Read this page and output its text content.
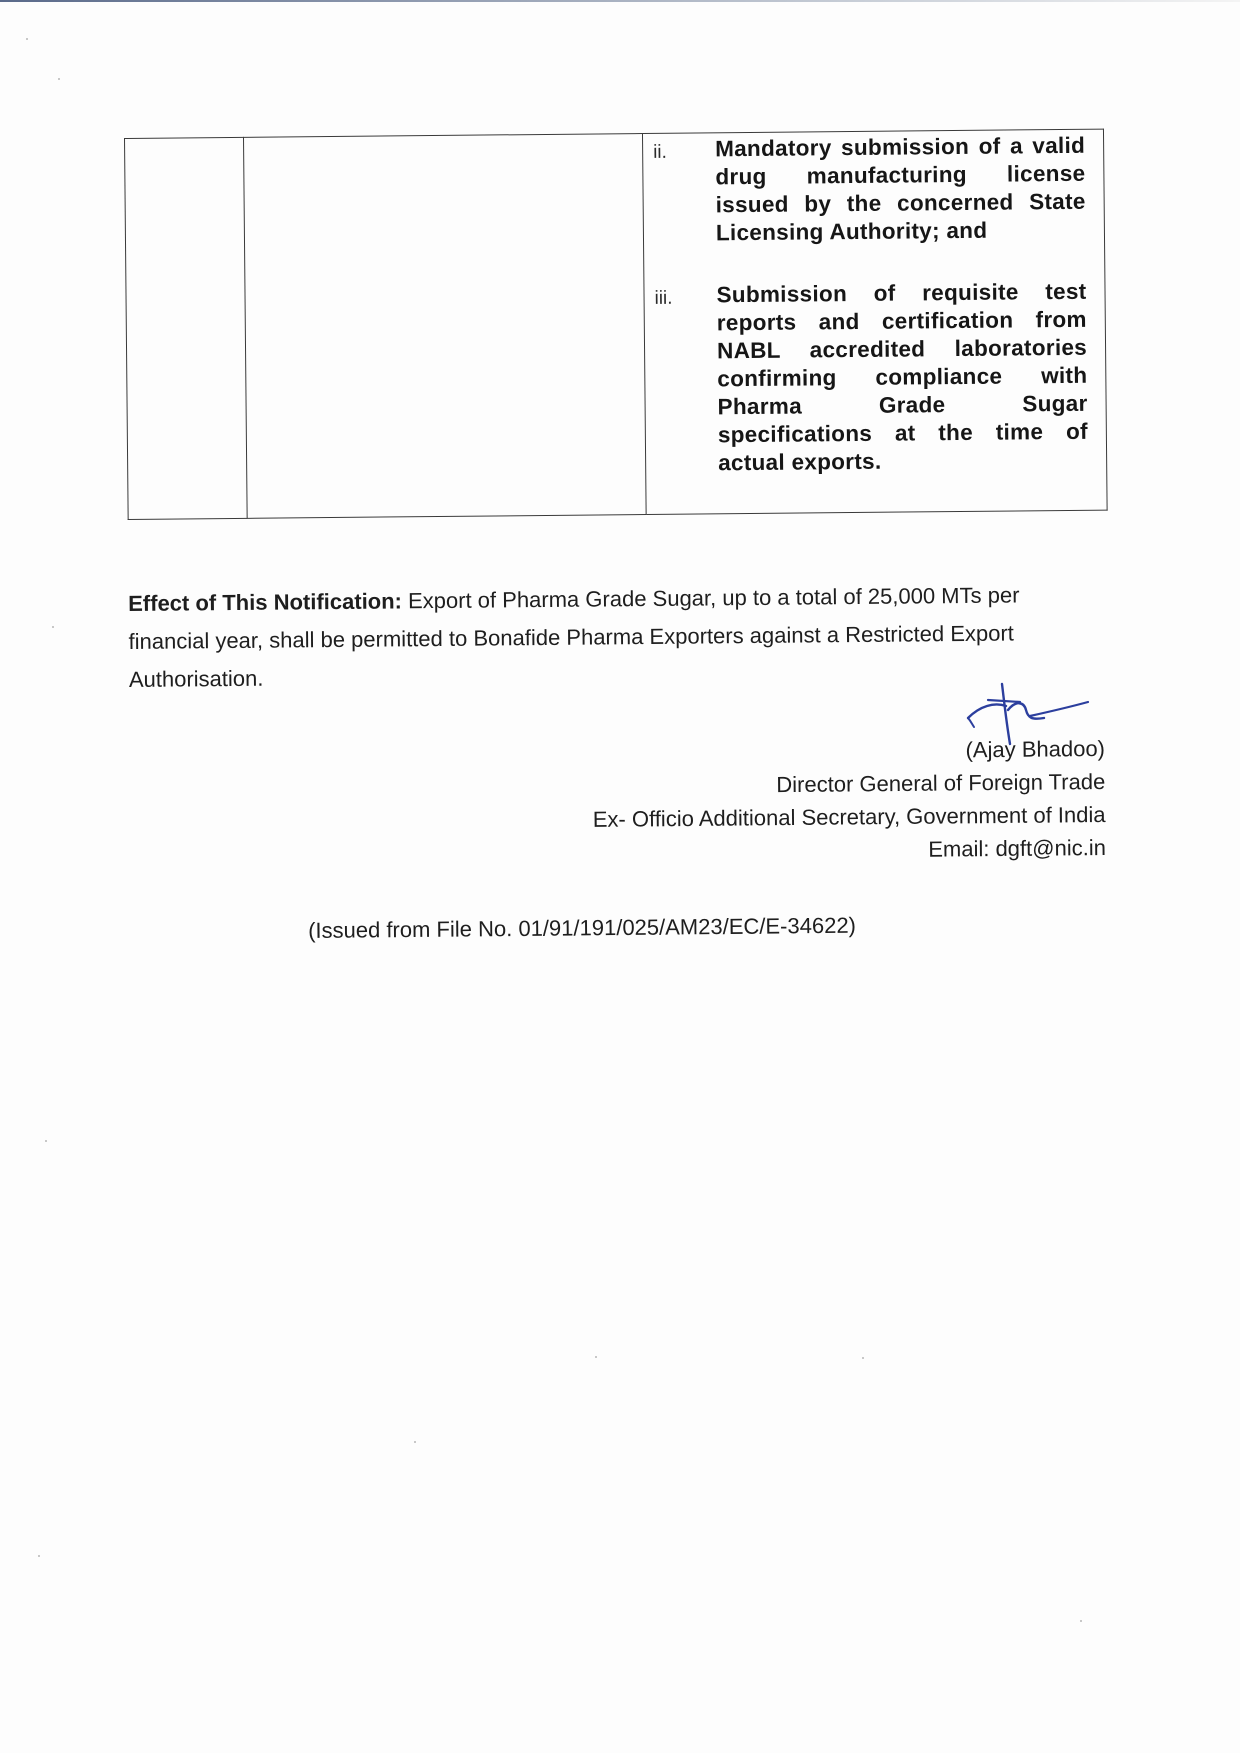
ii.	Mandatory submission of a valid drug manufacturing license issued by the concerned State Licensing Authority; and
iii.	Submission of requisite test reports and certification from NABL accredited laboratories confirming compliance with Pharma Grade Sugar specifications at the time of actual exports.

Effect of This Notification: Export of Pharma Grade Sugar, up to a total of 25,000 MTs per financial year, shall be permitted to Bonafide Pharma Exporters against a Restricted Export Authorisation.

(Ajay Bhadoo)
Director General of Foreign Trade
Ex- Officio Additional Secretary, Government of India
Email: dgft@nic.in
(Issued from File No. 01/91/191/025/AM23/EC/E-34622)
